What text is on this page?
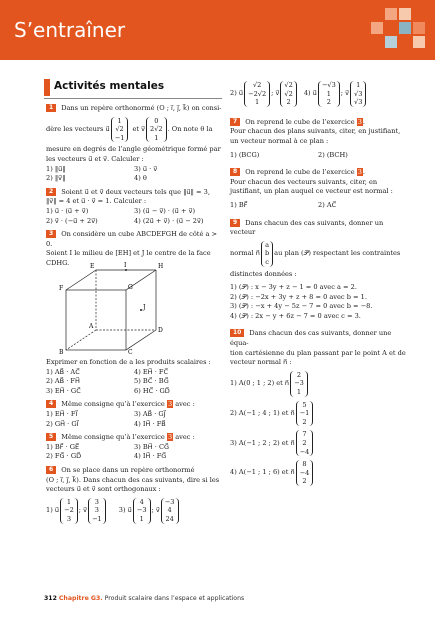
S’entraîner
Activités mentales
1 Dans un repère orthonormé (O ; i⃗, j⃗, k⃗) on consi-
dère les vecteurs u⃗
1
√2
−1
et v⃗
0
2√2
1
. On note θ la
mesure en degrés de l’angle géométrique formé par les vecteurs u⃗ et v⃗. Calculer :
1) ‖u⃗‖	3) u⃗ · v⃗
2) ‖v⃗‖	4) θ
2 Soient u⃗ et v⃗ deux vecteurs tels que ‖u⃗‖ = 3,
‖v⃗‖ = 4 et u⃗ · v⃗ = 1. Calculer :
1) u⃗ · (u⃗ + v⃗)	3) (u⃗ − v⃗) · (u⃗ + v⃗)
2) v⃗ · (−u⃗ + 2v⃗)	4) (2u⃗ + v⃗) · (u⃗ − 2v⃗)
3 On considère un cube ABCDEFGH de côté a > 0.
Soient I le milieu de [EH] et J le centre de la face CDHG.	E	I	H
F	G
J
A
D
B	C
Exprimer en fonction de a les produits scalaires :
1) AB⃗ · AC⃗	4) EH⃗ · FC⃗
2) AB⃗ · FH⃗	5) BC⃗ · BG⃗
3) EH⃗ · GC⃗	6) HC⃗ · GD⃗
4 Même consigne qu’à l’exercice 3 avec :
1) EH⃗ · FI⃗	3) AB⃗ · GJ⃗
2) GH⃗ · GI⃗	4) IH⃗ · FB⃗
5 Même consigne qu’à l’exercice 3 avec :
1) BF⃗ · GE⃗	3) BH⃗ · CG⃗
2) FG⃗ · GD⃗	4) IH⃗ · FG⃗
6 On se place dans un repère orthonormé
(O ; i⃗, j⃗, k⃗). Dans chacun des cas suivants, dire si les
vecteurs u⃗ et v⃗ sont orthogonaux :
1) u⃗
1
−2
3
; v⃗
3
3
−1
3) u⃗
4
−3
1
; v⃗
−3
4
24
2) u⃗
√2
−2√2
1
; v⃗
√2
√2
2
4) u⃗
−√3
1
2
; v⃗
1
√3
√3
7 On reprend le cube de l’exercice 3.
Pour chacun des plans suivants, citer, en justifiant, un vecteur normal à ce plan :
1) (BCG)	2) (BCH)
8 On reprend le cube de l’exercice 3.
Pour chacun des vecteurs suivants, citer, en justifiant, un plan auquel ce vecteur est normal :
1) BF⃗	2) AC⃗
9 Dans chacun des cas suivants, donner un vecteur
normal n⃗
a
b
c
au plan (𝒫) respectant les contraintes
distinctes données :
1) (𝒫) : x − 3y + z − 1 = 0 avec a = 2.
2) (𝒫) : −2x + 3y + z + 8 = 0 avec b = 1.
3) (𝒫) : −x + 4y − 5z − 7 = 0 avec b = −8.
4) (𝒫) : 2x − y + 6z − 7 = 0 avec c = 3.
10 Dans chacun des cas suivants, donner une équa-
tion cartésienne du plan passant par le point A et de vecteur normal n⃗ :
1) A(0 ; 1 ; 2) et n⃗
2
−3
1
2) A(−1 ; 4 ; 1) et n⃗
5
−1
2
3) A(−1 ; 2 ; 2) et n⃗
7
2
−4
4) A(−1 ; 1 ; 6) et n⃗
8
−4
2
312 Chapitre G3. Produit scalaire dans l’espace et applications
